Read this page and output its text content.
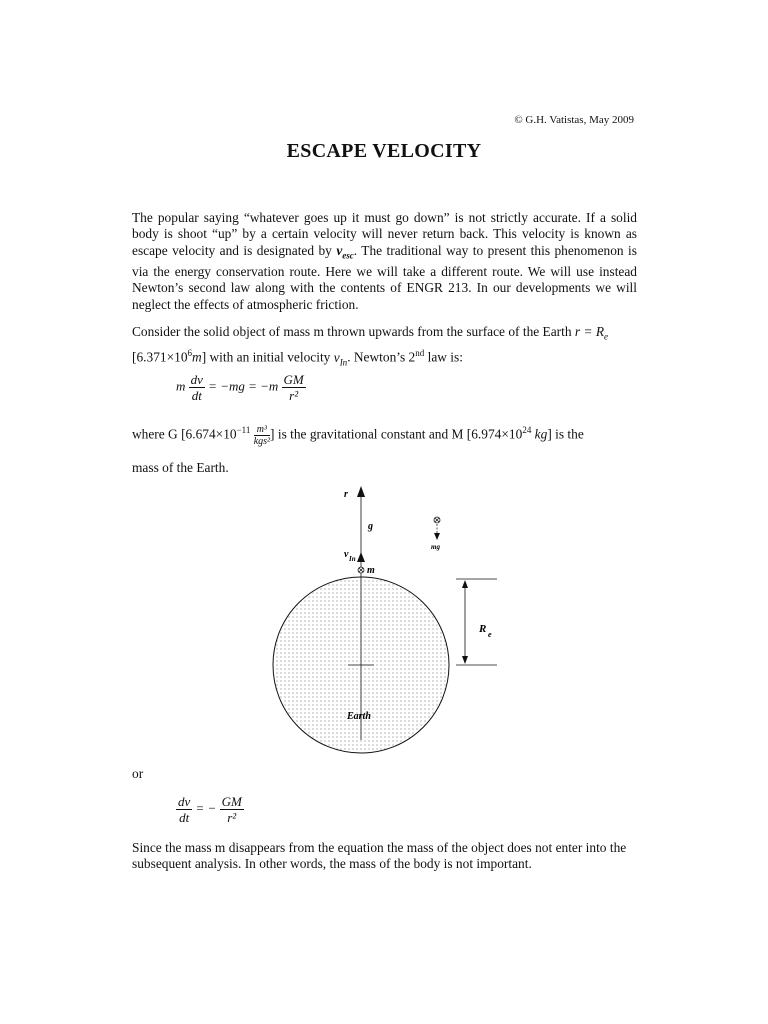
© G.H. Vatistas, May 2009
ESCAPE VELOCITY
The popular saying “whatever goes up it must go down” is not strictly accurate. If a solid body is shoot “up” by a certain velocity will never return back. This velocity is known as escape velocity and is designated by $v_{esc}$. The traditional way to present this phenomenon is via the energy conservation route. Here we will take a different route. We will use instead Newton’s second law along with the contents of ENGR 213. In our developments we will neglect the effects of atmospheric friction.
Consider the solid object of mass m thrown upwards from the surface of the Earth $r = R_e$
$[6.371\times 10^6m]$ with an initial velocity $v_{In}$. Newton’s 2nd law is:
m $\frac{dv}{dt} = -mg = -m \frac{GM}{\text{r²}}$
where G [$6.674\times 10^{-11} \frac{\text{m³}}{\text{kgs²}}$ ] is the gravitational constant and M [$6.974\times 10^{24}$ kg] is the
mass of the Earth.
r
g
v In
m
mg
R e
Earth
or
$\frac{dv}{dt}$ = − $\frac{GM}{\text{r²}}$
Since the mass m disappears from the equation the mass of the object does not enter into the subsequent analysis. In other words, the mass of the body is not important.
